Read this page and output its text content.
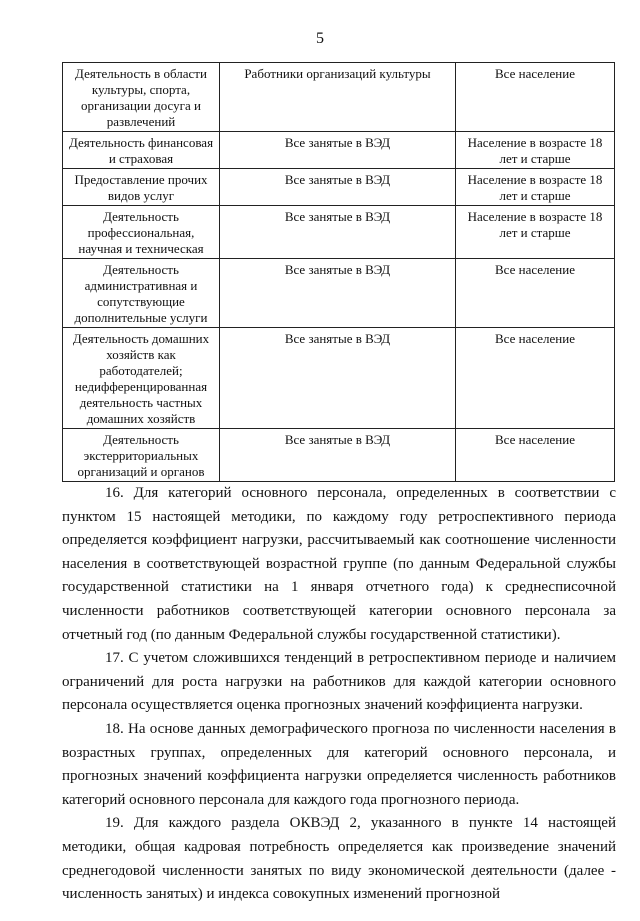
5
Деятельность в области культуры, спорта, организации досуга и развлечений	Работники организаций культуры	Все население
Деятельность финансовая и страховая	Все занятые в ВЭД	Население в возрасте 18 лет и старше
Предоставление прочих видов услуг	Все занятые в ВЭД	Население в возрасте 18 лет и старше
Деятельность профессиональная, научная и техническая	Все занятые в ВЭД	Население в возрасте 18 лет и старше
Деятельность административная и сопутствующие дополнительные услуги	Все занятые в ВЭД	Все население
Деятельность домашних хозяйств как работодателей; недифференцированная деятельность частных домашних хозяйств	Все занятые в ВЭД	Все население
Деятельность экстерриториальных организаций и органов	Все занятые в ВЭД	Все население

16. Для категорий основного персонала, определенных в соответствии с пунктом 15 настоящей методики, по каждому году ретроспективного периода определяется коэффициент нагрузки, рассчитываемый как соотношение численности населения в соответствующей возрастной группе (по данным Федеральной службы государственной статистики на 1 января отчетного года) к среднесписочной численности работников соответствующей категории основного персонала за отчетный год (по данным Федеральной службы государственной статистики).

17. С учетом сложившихся тенденций в ретроспективном периоде и наличием ограничений для роста нагрузки на работников для каждой категории основного персонала осуществляется оценка прогнозных значений коэффициента нагрузки.

18. На основе данных демографического прогноза по численности населения в возрастных группах, определенных для категорий основного персонала, и прогнозных значений коэффициента нагрузки определяется численность работников категорий основного персонала для каждого года прогнозного периода.

19. Для каждого раздела ОКВЭД 2, указанного в пункте 14 настоящей методики, общая кадровая потребность определяется как произведение значений среднегодовой численности занятых по виду экономической деятельности (далее - численность занятых) и индекса совокупных изменений прогнозной
